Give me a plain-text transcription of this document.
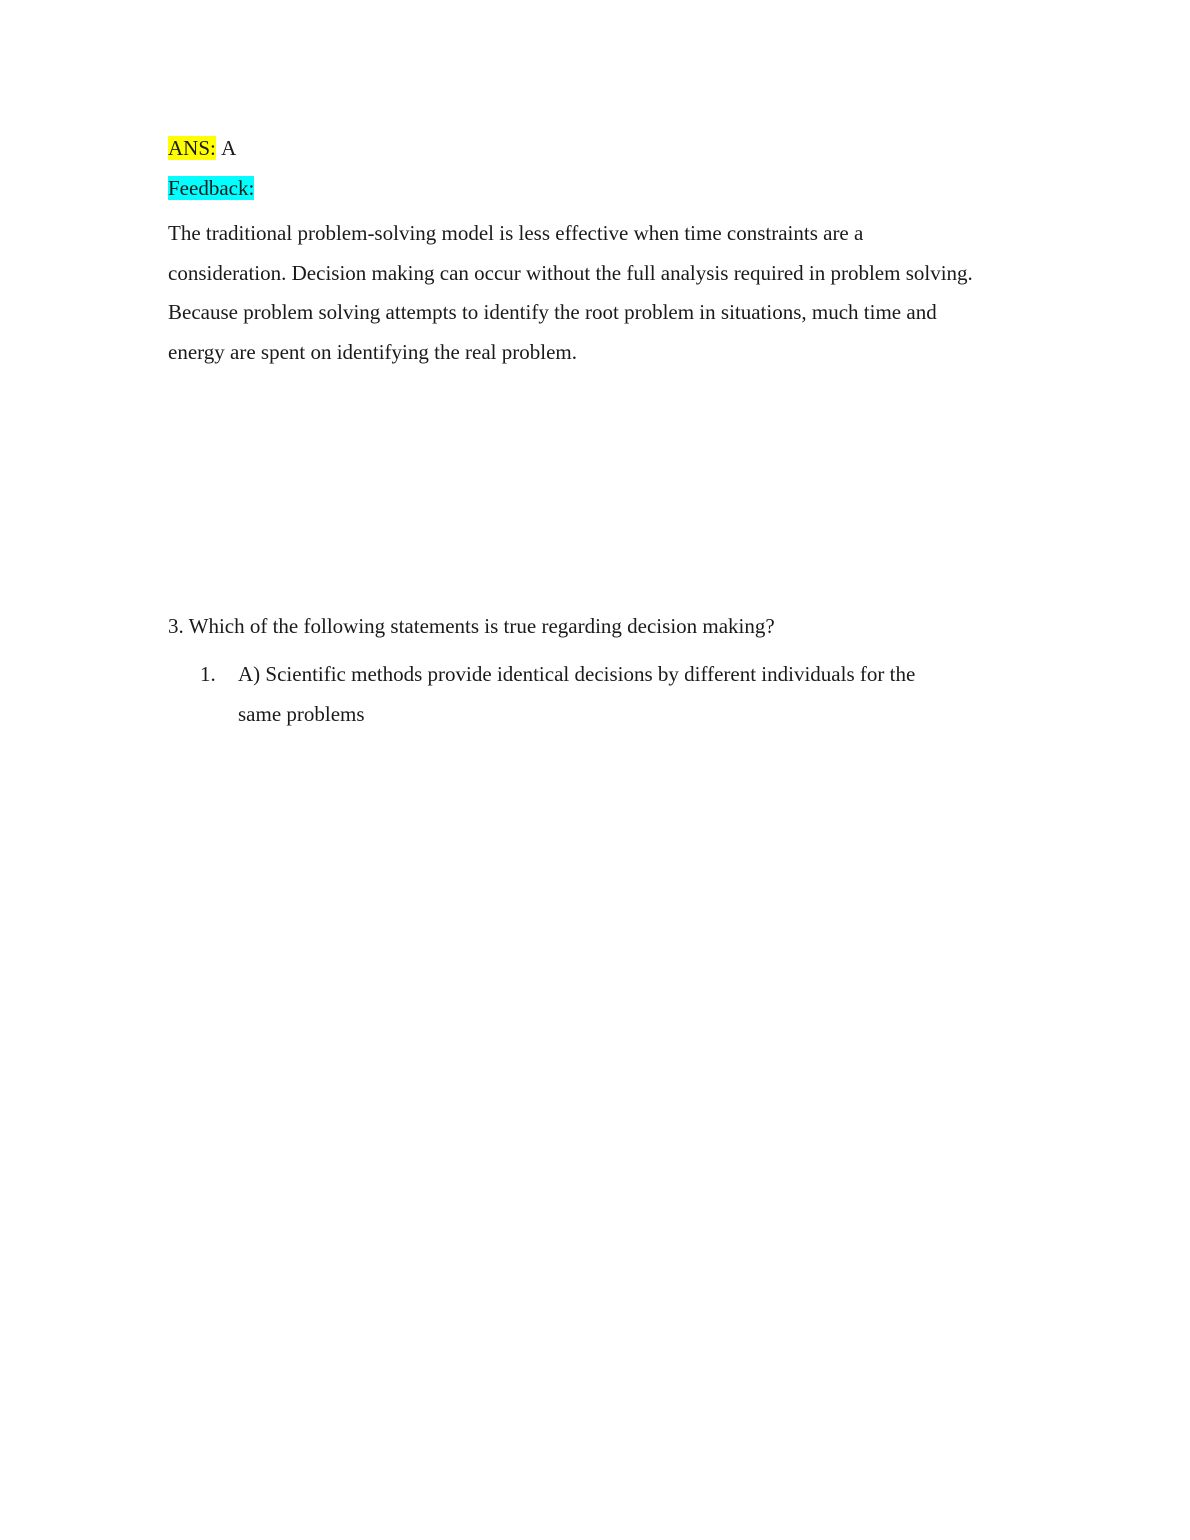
ANS: A
Feedback:
The traditional problem-solving model is less effective when time constraints are a
consideration. Decision making can occur without the full analysis required in problem solving.
Because problem solving attempts to identify the root problem in situations, much time and
energy are spent on identifying the real problem.
3. Which of the following statements is true regarding decision making?
1. A) Scientific methods provide identical decisions by different individuals for the
same problems
